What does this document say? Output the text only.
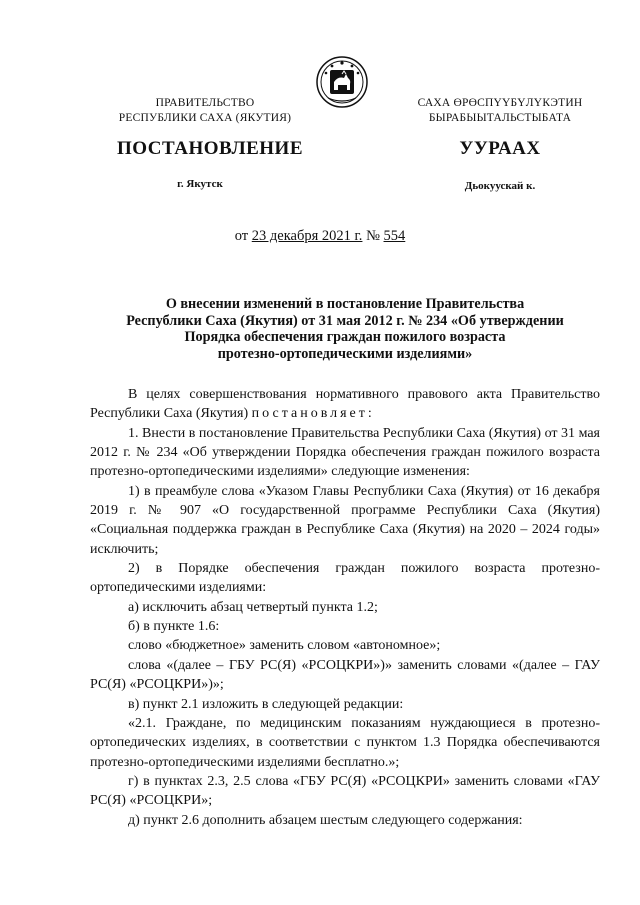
ПРАВИТЕЛЬСТВО
РЕСПУБЛИКИ САХА (ЯКУТИЯ)
САХА ӨРӨСПҮҮБҮЛҮКЭТИН
БЫРАБЫЫТАЛЬСТЫБАТА
ПОСТАНОВЛЕНИЕ	УУРААХ
г. Якутск	Дьокуускай к.
от 23 декабря 2021 г. № 554
О внесении изменений в постановление Правительства
Республики Саха (Якутия) от 31 мая 2012 г. № 234 «Об утверждении
Порядка обеспечения граждан пожилого возраста
протезно-ортопедическими изделиями»

В целях совершенствования нормативного правового акта Правительство Республики Саха (Якутия) постановляет:

1. Внести в постановление Правительства Республики Саха (Якутия) от 31 мая 2012 г. № 234 «Об утверждении Порядка обеспечения граждан пожилого возраста протезно-ортопедическими изделиями» следующие изменения:

1) в преамбуле слова «Указом Главы Республики Саха (Якутия) от 16 декабря 2019 г. № 907 «О государственной программе Республики Саха (Якутия) «Социальная поддержка граждан в Республике Саха (Якутия) на 2020 – 2024 годы» исключить;

2) в Порядке обеспечения граждан пожилого возраста протезно-ортопедическими изделиями:

а) исключить абзац четвертый пункта 1.2;

б) в пункте 1.6:

слово «бюджетное» заменить словом «автономное»;

слова «(далее – ГБУ РС(Я) «РСОЦКРИ»)» заменить словами «(далее – ГАУ РС(Я) «РСОЦКРИ»)»;

в) пункт 2.1 изложить в следующей редакции:

«2.1. Граждане, по медицинским показаниям нуждающиеся в протезно-ортопедических изделиях, в соответствии с пунктом 1.3 Порядка обеспечиваются протезно-ортопедическими изделиями бесплатно.»;

г) в пунктах 2.3, 2.5 слова «ГБУ РС(Я) «РСОЦКРИ» заменить словами «ГАУ РС(Я) «РСОЦКРИ»;

д) пункт 2.6 дополнить абзацем шестым следующего содержания:
